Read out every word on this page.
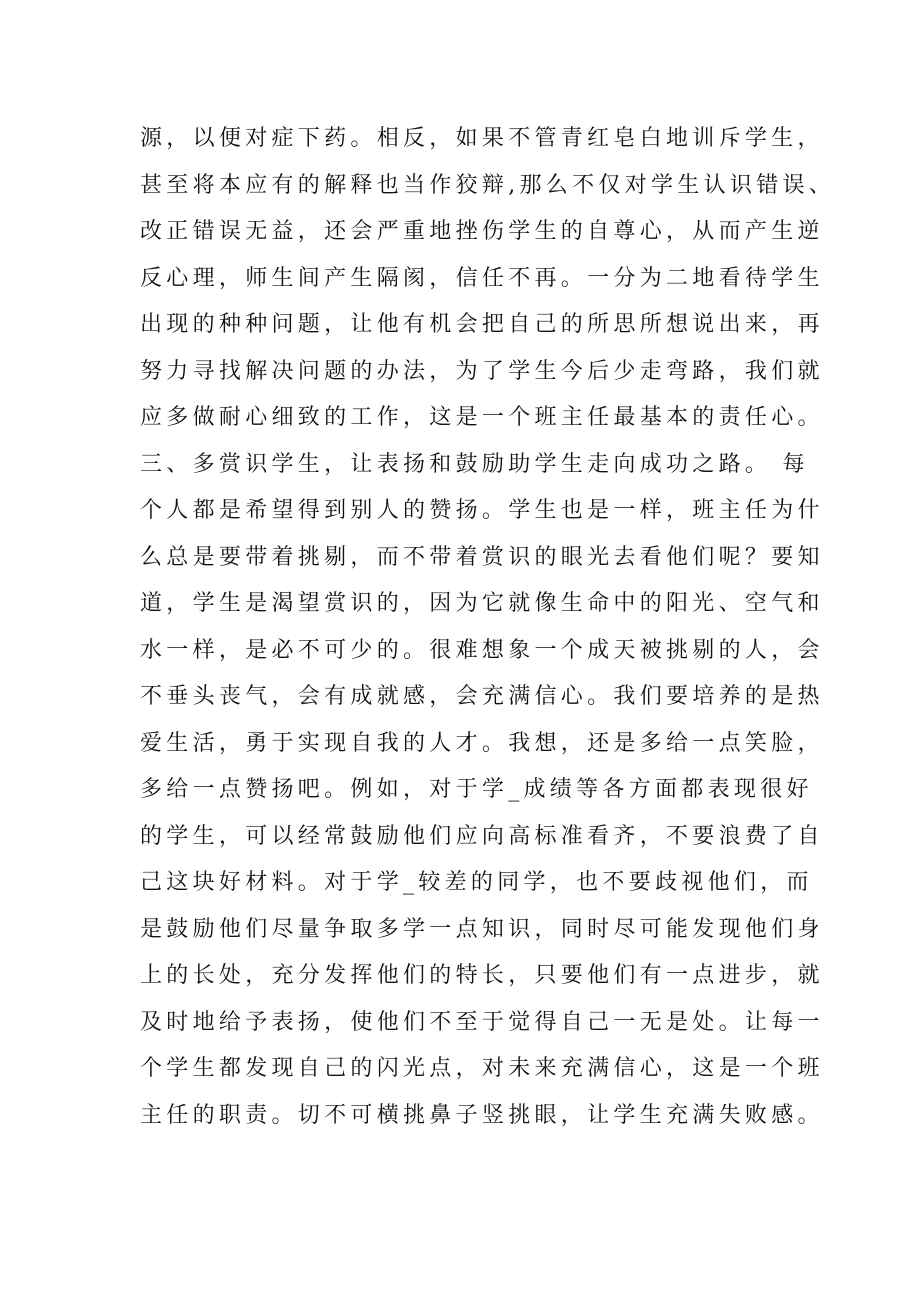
源，以便对症下药。相反，如果不管青红皂白地训斥学生，
甚至将本应有的解释也当作狡辩,那么不仅对学生认识错误、
改正错误无益，还会严重地挫伤学生的自尊心，从而产生逆
反心理，师生间产生隔阂，信任不再。一分为二地看待学生
出现的种种问题，让他有机会把自己的所思所想说出来，再
努力寻找解决问题的办法，为了学生今后少走弯路，我们就
应多做耐心细致的工作，这是一个班主任最基本的责任心。
三、多赏识学生，让表扬和鼓励助学生走向成功之路。 每
个人都是希望得到别人的赞扬。学生也是一样，班主任为什
么总是要带着挑剔，而不带着赏识的眼光去看他们呢？要知
道，学生是渴望赏识的，因为它就像生命中的阳光、空气和
水一样，是必不可少的。很难想象一个成天被挑剔的人，会
不垂头丧气，会有成就感，会充满信心。我们要培养的是热
爱生活，勇于实现自我的人才。我想，还是多给一点笑脸，
多给一点赞扬吧。例如，对于学_成绩等各方面都表现很好
的学生，可以经常鼓励他们应向高标准看齐，不要浪费了自
己这块好材料。对于学_较差的同学，也不要歧视他们，而
是鼓励他们尽量争取多学一点知识，同时尽可能发现他们身
上的长处，充分发挥他们的特长，只要他们有一点进步，就
及时地给予表扬，使他们不至于觉得自己一无是处。让每一
个学生都发现自己的闪光点，对未来充满信心，这是一个班
主任的职责。切不可横挑鼻子竖挑眼，让学生充满失败感。
